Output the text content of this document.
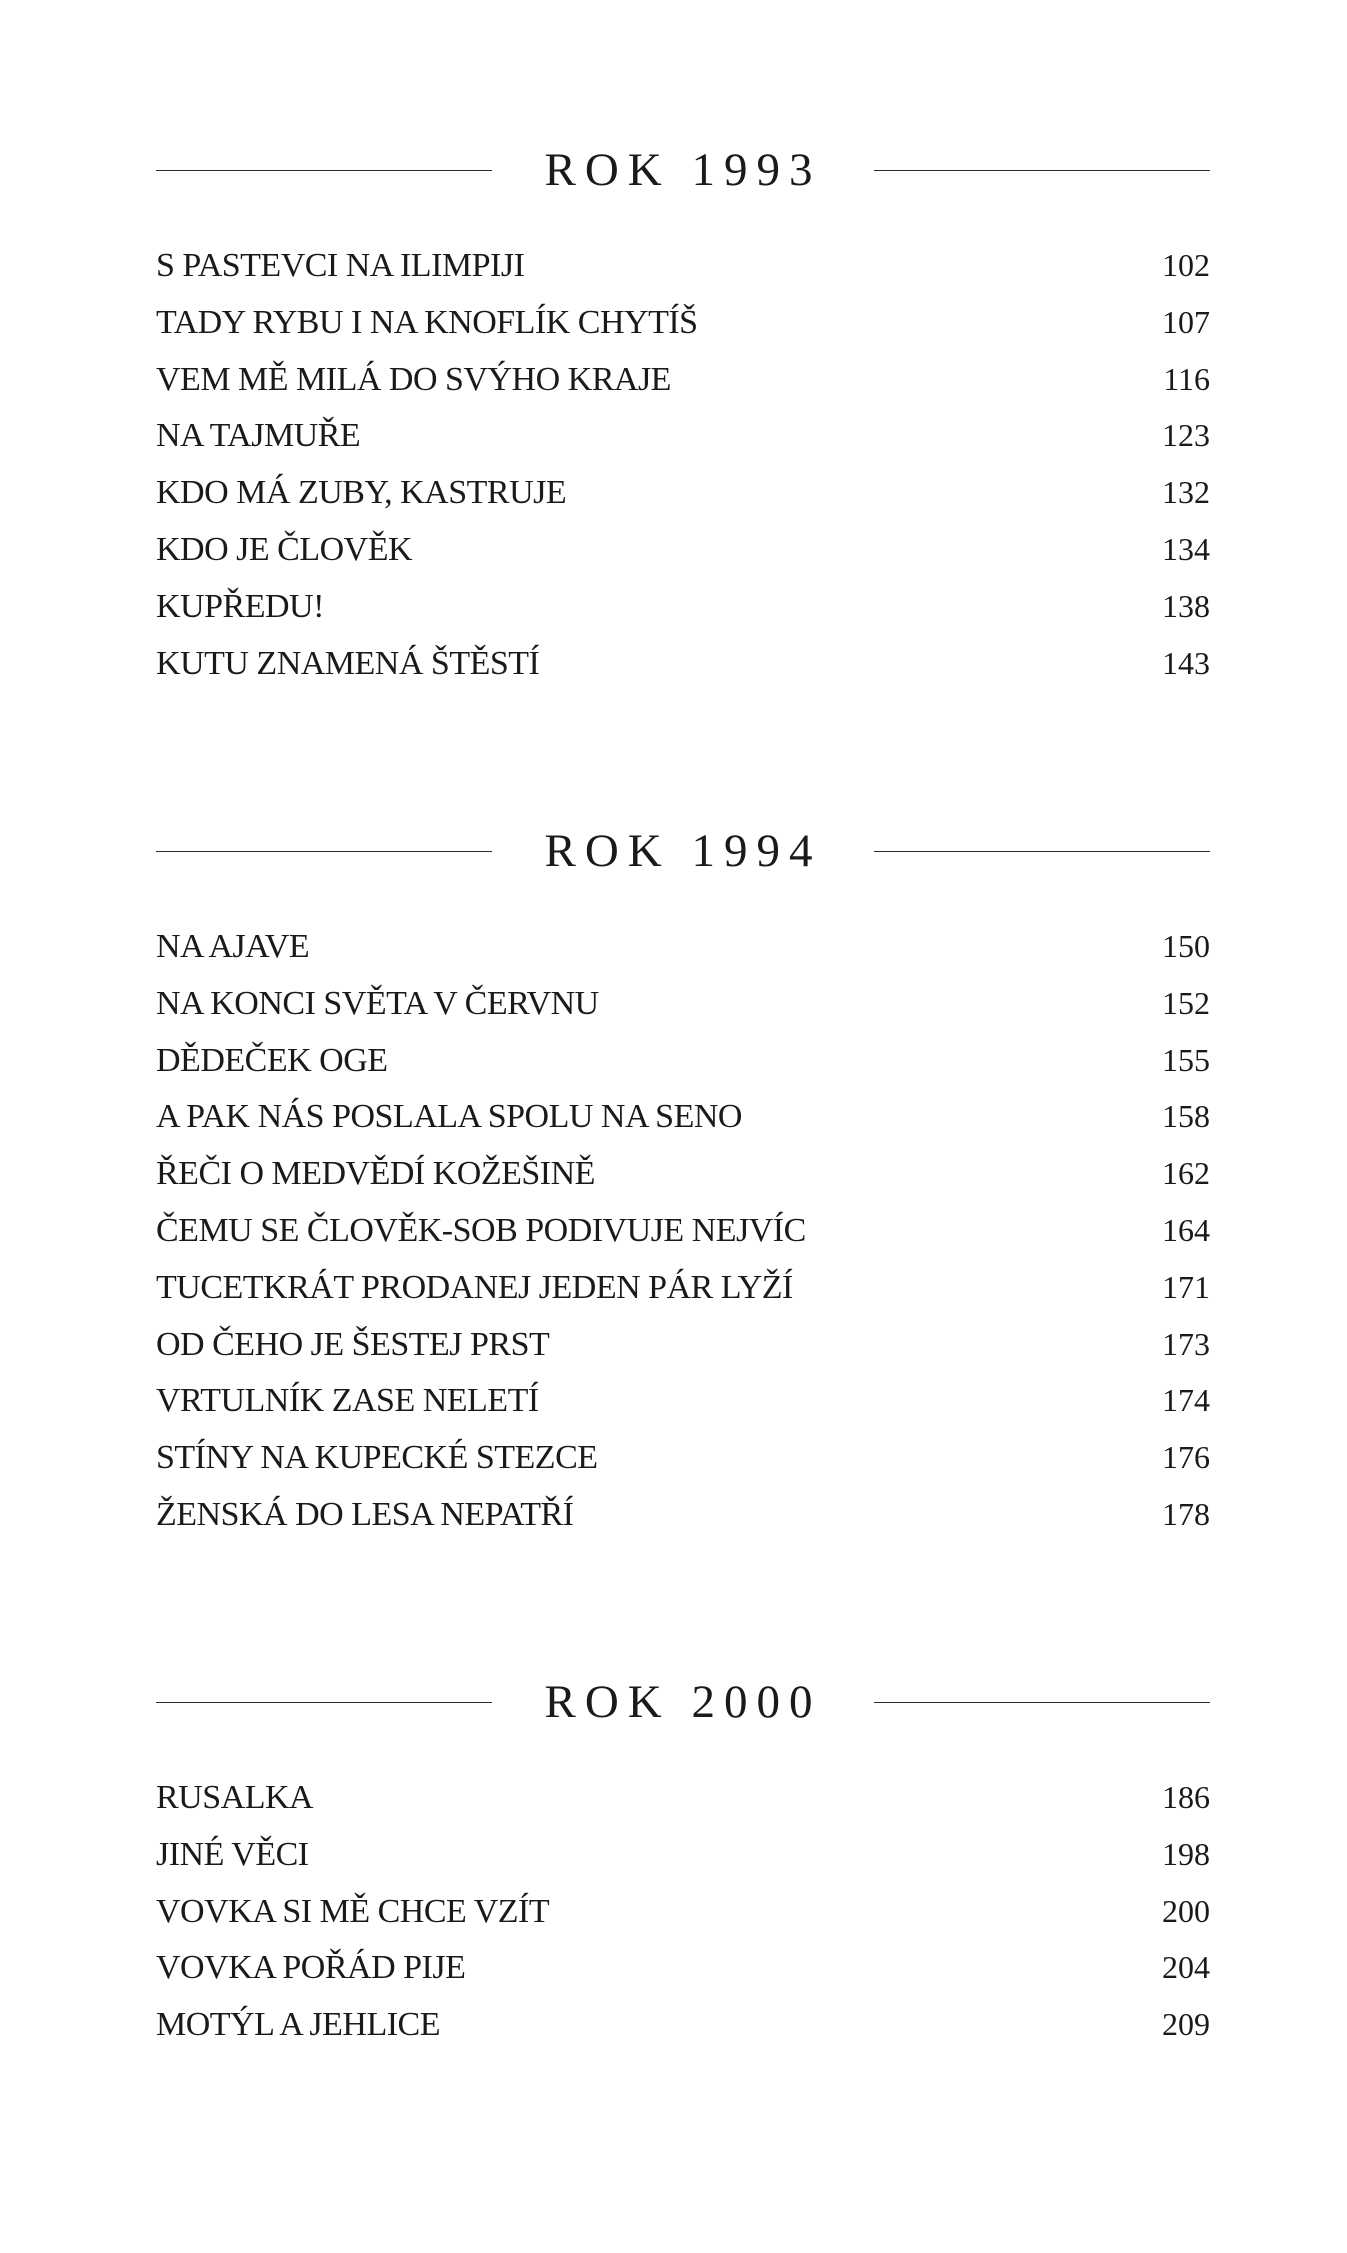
ROK 1993
S PASTEVCI NA ILIMPIJI	102
TADY RYBU I NA KNOFLÍK CHYTÍŠ	107
VEM MĚ MILÁ DO SVÝHO KRAJE	116
NA TAJMUŘE	123
KDO MÁ ZUBY, KASTRUJE	132
KDO JE ČLOVĚK	134
KUPŘEDU!	138
KUTU ZNAMENÁ ŠTĚSTÍ	143
ROK 1994
NA AJAVE	150
NA KONCI SVĚTA V ČERVNU	152
DĚDEČEK OGE	155
A PAK NÁS POSLALA SPOLU NA SENO	158
ŘEČI O MEDVĚDÍ KOŽEŠINĚ	162
ČEMU SE ČLOVĚK-SOB PODIVUJE NEJVÍC	164
TUCETKRÁT PRODANEJ JEDEN PÁR LYŽÍ	171
OD ČEHO JE ŠESTEJ PRST	173
VRTULNÍK ZASE NELETÍ	174
STÍNY NA KUPECKÉ STEZCE	176
ŽENSKÁ DO LESA NEPATŘÍ	178
ROK 2000
RUSALKA	186
JINÉ VĚCI	198
VOVKA SI MĚ CHCE VZÍT	200
VOVKA POŘÁD PIJE	204
MOTÝL A JEHLICE	209
